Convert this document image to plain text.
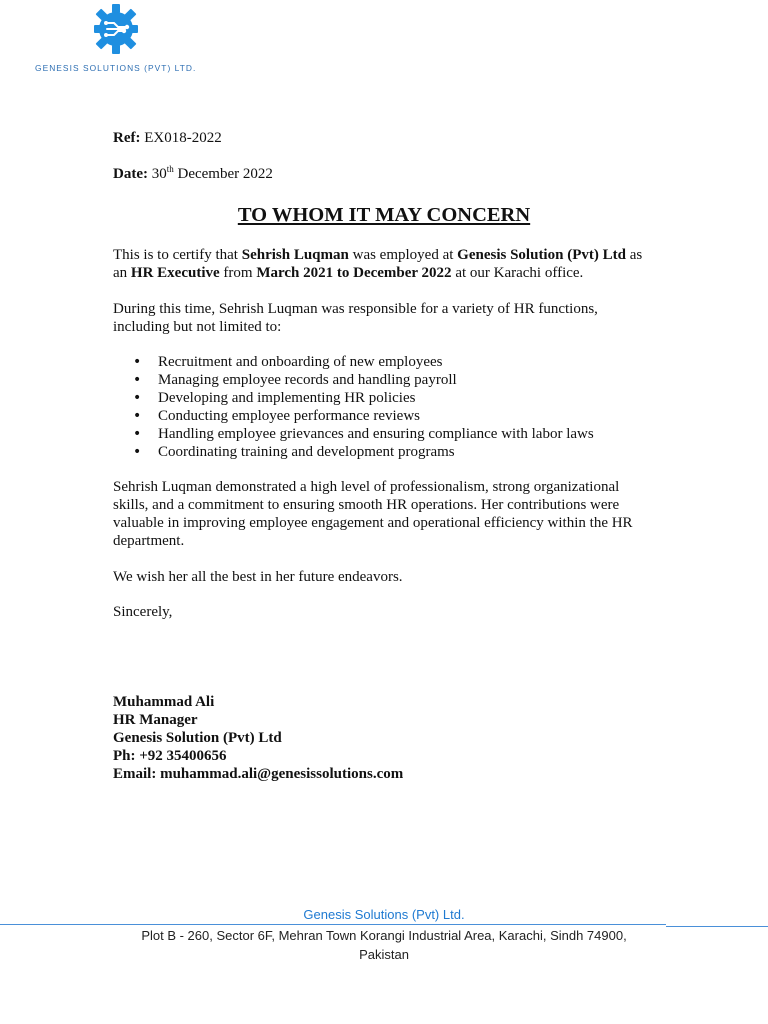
GENESIS SOLUTIONS (PVT) LTD.
Ref: EX018-2022
Date: 30th December 2022
TO WHOM IT MAY CONCERN
This is to certify that Sehrish Luqman was employed at Genesis Solution (Pvt) Ltd as an HR Executive from March 2021 to December 2022 at our Karachi office.
During this time, Sehrish Luqman was responsible for a variety of HR functions, including but not limited to:
• Recruitment and onboarding of new employees
• Managing employee records and handling payroll
• Developing and implementing HR policies
• Conducting employee performance reviews
• Handling employee grievances and ensuring compliance with labor laws
• Coordinating training and development programs
Sehrish Luqman demonstrated a high level of professionalism, strong organizational skills, and a commitment to ensuring smooth HR operations. Her contributions were valuable in improving employee engagement and operational efficiency within the HR department.
We wish her all the best in her future endeavors.
Sincerely,
Muhammad Ali
HR Manager
Genesis Solution (Pvt) Ltd
Ph: +92 35400656
Email: muhammad.ali@genesissolutions.com
Genesis Solutions (Pvt) Ltd.
Plot B - 260, Sector 6F, Mehran Town Korangi Industrial Area, Karachi, Sindh 74900, Pakistan
